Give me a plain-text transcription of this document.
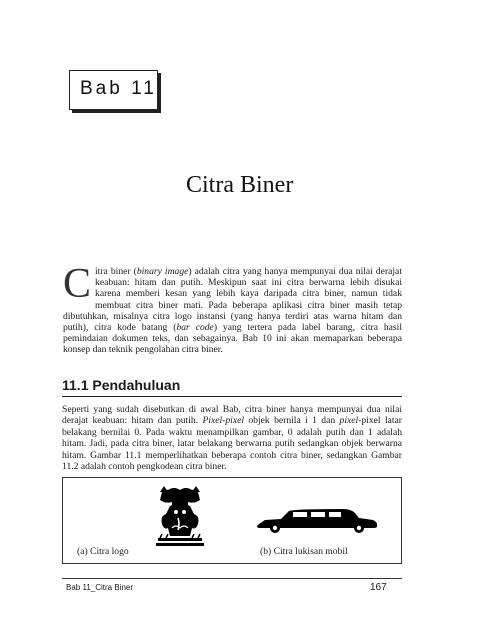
Bab 11
Citra Biner
C itra biner (binary image) adalah citra yang hanya mempunyai dua nilai derajat keabuan: hitam dan putih. Meskipun saat ini citra berwarna lebih disukai karena memberi kesan yang lebih kaya daripada citra biner, namun tidak membuat citra biner mati. Pada beberapa aplikasi citra biner masih tetap dibutuhkan, misalnya citra logo instansi (yang hanya terdiri atas warna hitam dan putih), citra kode batang (bar code) yang tertera pada label barang, citra hasil pemindaian dokumen teks, dan sebagainya. Bab 10 ini akan memaparkan beberapa konsep dan teknik pengolahan citra biner.
11.1 Pendahuluan
Seperti yang sudah disebutkan di awal Bab, citra biner hanya mempunyai dua nilai derajat keabuan: hitam dan putih. Pixel-pixel objek bernila i 1 dan pixel-pixel latar belakang bernilai 0. Pada waktu menampilkan gambar, 0 adalah putih dan 1 adalah hitam. Jadi, pada citra biner, latar belakang berwarna putih sedangkan objek berwarna hitam. Gambar 11.1 memperlihatkan beberapa contoh citra biner, sedangkan Gambar 11.2 adalah contoh pengkodean citra biner.
(a) Citra logo	(b) Citra lukisan mobil
Bab 11_Citra Biner	167
